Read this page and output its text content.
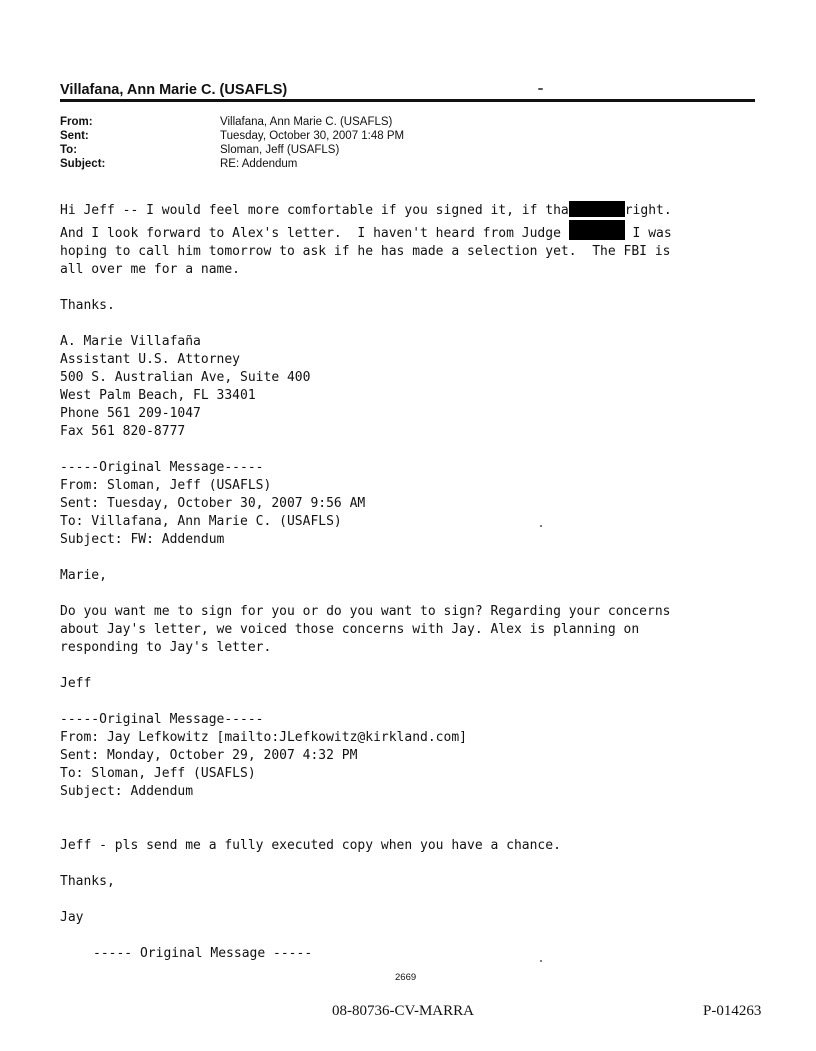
Villafana, Ann Marie C. (USAFLS)
From:	Villafana, Ann Marie C. (USAFLS)
Sent:	Tuesday, October 30, 2007 1:48 PM
To:	Sloman, Jeff (USAFLS)
Subject:	RE: Addendum

Hi Jeff -- I would feel more comfortable if you signed it, if tha	right.

And I look forward to Alex's letter.  I haven't heard from Judge	I was

hoping to call him tomorrow to ask if he has made a selection yet.  The FBI is

all over me for a name.

Thanks.

A. Marie Villafaña

Assistant U.S. Attorney

500 S. Australian Ave, Suite 400

West Palm Beach, FL 33401

Phone 561 209-1047

Fax 561 820-8777

-----Original Message-----

From: Sloman, Jeff (USAFLS)

Sent: Tuesday, October 30, 2007 9:56 AM

To: Villafana, Ann Marie C. (USAFLS)

Subject: FW: Addendum

Marie,

Do you want me to sign for you or do you want to sign? Regarding your concerns

about Jay's letter, we voiced those concerns with Jay. Alex is planning on

responding to Jay's letter.

Jeff

-----Original Message-----

From: Jay Lefkowitz [mailto:JLefkowitz@kirkland.com]

Sent: Monday, October 29, 2007 4:32 PM

To: Sloman, Jeff (USAFLS)

Subject: Addendum

Jeff - pls send me a fully executed copy when you have a chance.

Thanks,

Jay

----- Original Message -----

2669
08-80736-CV-MARRA	P-014263
